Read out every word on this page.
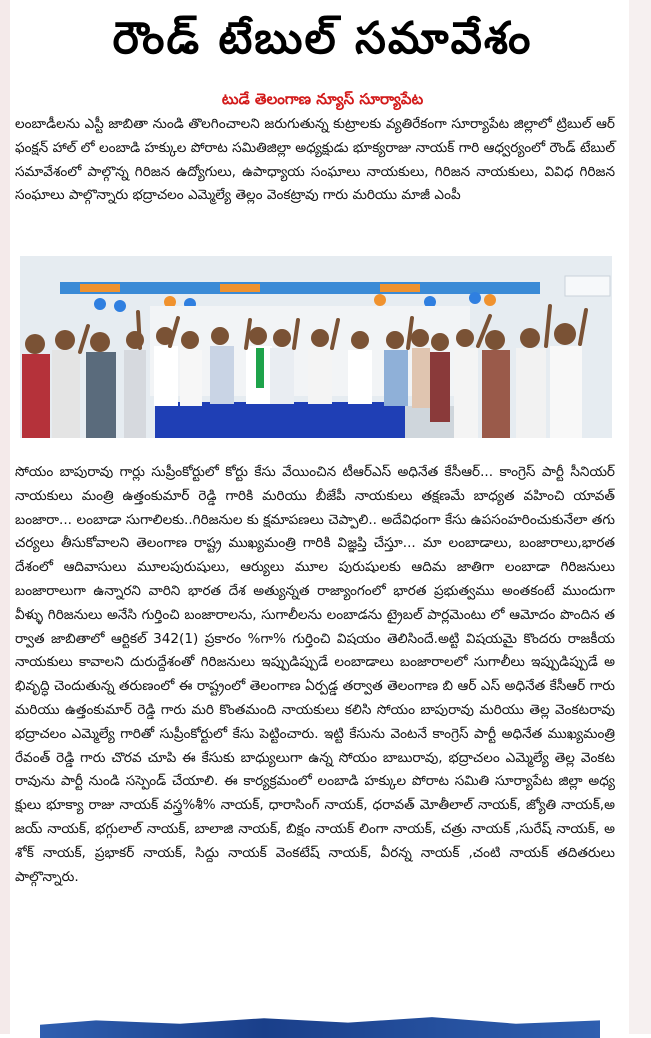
రౌండ్ టేబుల్ సమావేశం
టుడే తెలంగాణ న్యూస్ సూర్యాపేట

లంబాడీలను ఎస్టీ జాబితా నుండి తొలగించాలని జరుగుతున్న కుట్రాలకు వ్యతిరేకంగా సూర్యాపేట జిల్లాలో ట్రిబుల్ ఆర్ ఫంక్షన్ హాల్ లో లంబాడి హక్కుల పోరాట సమితిజిల్లా అధ్యక్షుడు భూక్యరాజు నాయక్ గారి ఆధ్వర్యంలో రౌండ్ టేబుల్ సమావేశంలో పాల్గొన్న గిరిజన ఉద్యోగులు, ఉపాధ్యాయ సంఘాలు నాయకులు, గిరిజన నాయకులు, వివిధ గిరిజన సంఘాలు పాల్గొన్నారు భద్రాచలం ఎమ్మెల్యే తెల్లం వెంకట్రావు గారు మరియు మాజీ ఎంపీ

సోయం బాపురావు గార్లు సుప్రీంకోర్టులో కోర్టు కేసు వేయించిన టీఆర్ఎస్ అధినేత కేసీఆర్... కాంగ్రెస్ పార్టీ సీనియర్ నాయకులు మంత్రి ఉత్తంకుమార్ రెడ్డి గారికి మరియు బీజేపీ నాయకులు తక్షణమే బాధ్యత వహించి యావత్ బంజారా... లంబాడా సుగాలిలకు..గిరిజనుల కు క్షమాపణలు చెప్పాలి.. అదేవిధంగా కేసు ఉపసంహరించుకునేలా తగు చర్యలు తీసుకోవాలని తెలంగాణ రాష్ట్ర ముఖ్యమంత్రి గారికి విజ్ఞప్తి చేస్తూ... మా లంబాడాలు, బంజారాలు,భారతదేశంలో ఆదివాసులు మూలపురుషులు, ఆర్యులు మూల పురుషులకు ఆదిమ జాతిగా లంబాడా గిరిజనులు బంజారాలుగా ఉన్నారని వారిని భారత దేశ అత్యున్నత రాజ్యాంగంలో భారత ప్రభుత్వము అంతకంటే ముందుగా వీళ్ళు గిరిజనులు అనేసి గుర్తించి బంజారాలను, సుగాలీలను లంబాడను ట్రైబల్ పార్లమెంటు లో ఆమోదం పొందిన తర్వాత జాబితాలో ఆర్టికల్ 342(1) ప్రకారం %గా% గుర్తించి విషయం తెలిసిందే.అట్టి విషయమై కొందరు రాజకీయ నాయకులు కావాలని దురుద్దేశంతో గిరిజనులు ఇప్పుడిప్పుడే లంబాడాలు బంజారాలలో సుగాలీలు ఇప్పుడిప్పుడే అభివృద్ధి చెందుతున్న తరుణంలో ఈ రాష్ట్రంలో తెలంగాణ ఏర్పడ్డ తర్వాత తెలంగాణ బి ఆర్ ఎస్ అధినేత కేసీఆర్ గారు మరియు ఉత్తంకుమార్ రెడ్డి గారు మరి కొంతమంది నాయకులు కలిసి సోయం బాపురావు మరియు తెల్ల వెంకటరావు భద్రాచలం ఎమ్మెల్యే గారితో సుప్రీంకోర్టులో కేసు పెట్టించారు. ఇట్టి కేసును వెంటనే కాంగ్రెస్ పార్టీ అధినేత ముఖ్యమంత్రి రేవంత్ రెడ్డి గారు చొరవ చూపి ఈ కేసుకు బాధ్యులుగా ఉన్న సోయం బాబురావు, భద్రాచలం ఎమ్మెల్యే తెల్ల వెంకటరావును పార్టీ నుండి సస్పెండ్ చేయాలి. ఈ కార్యక్రమంలో లంబాడి హక్కుల పోరాట సమితి సూర్యాపేట జిల్లా అధ్యక్షులు భూక్యా రాజు నాయక్ వస్త్ర%శీ% నాయక్, ధారాసింగ్ నాయక్, ధరావత్ మోతీలాల్ నాయక్, జ్యోతి నాయక్,అజయ్ నాయక్, భగ్గులాల్ నాయక్, బాలాజి నాయక్, బిక్షం నాయక్ లింగా నాయక్, చత్రు నాయక్ ,సురేష్ నాయక్, అశోక్ నాయక్, ప్రభాకర్ నాయక్, సిద్దు నాయక్ వెంకటేష్ నాయక్, వీరన్న నాయక్ ,చంటి నాయక్ తదితరులు పాల్గొన్నారు.
